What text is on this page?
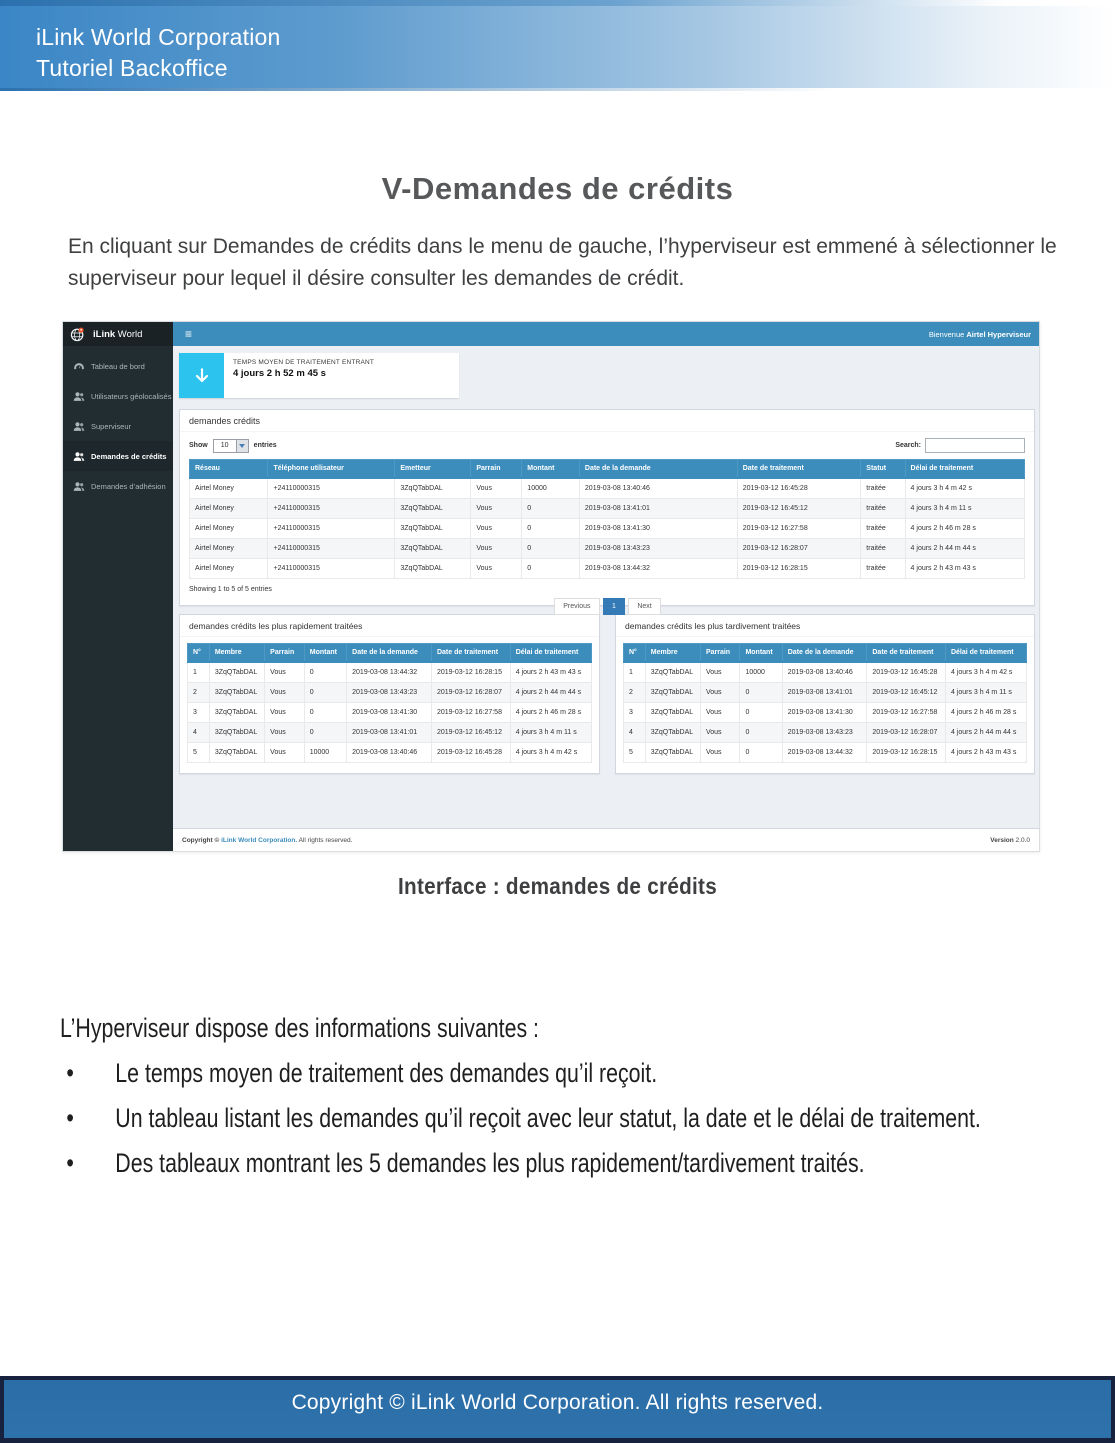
iLink World Corporation
Tutoriel Backoffice
V-Demandes de crédits
En cliquant sur Demandes de crédits dans le menu de gauche, l’hyperviseur est emmené à sélectionner le superviseur pour lequel il désire consulter les demandes de crédit.
iLink World	≡	Bienvenue Airtel Hyperviseur
Tableau de bord
Utilisateurs géolocalisés
Superviseur
Demandes de crédits
Demandes d’adhésion
TEMPS MOYEN DE TRAITEMENT ENTRANT
4 jours 2 h 52 m 45 s
demandes crédits
Show	10	entries	Search:
Réseau	Téléphone utilisateur	Emetteur	Parrain	Montant	Date de la demande	Date de traitement	Statut	Délai de traitement
Airtel Money	+24110000315	3ZqQTabDAL	Vous	10000	2019-03-08 13:40:46	2019-03-12 16:45:28	traitée	4 jours 3 h 4 m 42 s
Airtel Money	+24110000315	3ZqQTabDAL	Vous	0	2019-03-08 13:41:01	2019-03-12 16:45:12	traitée	4 jours 3 h 4 m 11 s
Airtel Money	+24110000315	3ZqQTabDAL	Vous	0	2019-03-08 13:41:30	2019-03-12 16:27:58	traitée	4 jours 2 h 46 m 28 s
Airtel Money	+24110000315	3ZqQTabDAL	Vous	0	2019-03-08 13:43:23	2019-03-12 16:28:07	traitée	4 jours 2 h 44 m 44 s
Airtel Money	+24110000315	3ZqQTabDAL	Vous	0	2019-03-08 13:44:32	2019-03-12 16:28:15	traitée	4 jours 2 h 43 m 43 s
Showing 1 to 5 of 5 entries
Previous	1	Next
demandes crédits les plus rapidement traitées
N°	Membre	Parrain	Montant	Date de la demande	Date de traitement	Délai de traitement
1	3ZqQTabDAL	Vous	0	2019-03-08 13:44:32	2019-03-12 16:28:15	4 jours 2 h 43 m 43 s
2	3ZqQTabDAL	Vous	0	2019-03-08 13:43:23	2019-03-12 16:28:07	4 jours 2 h 44 m 44 s
3	3ZqQTabDAL	Vous	0	2019-03-08 13:41:30	2019-03-12 16:27:58	4 jours 2 h 46 m 28 s
4	3ZqQTabDAL	Vous	0	2019-03-08 13:41:01	2019-03-12 16:45:12	4 jours 3 h 4 m 11 s
5	3ZqQTabDAL	Vous	10000	2019-03-08 13:40:46	2019-03-12 16:45:28	4 jours 3 h 4 m 42 s
demandes crédits les plus tardivement traitées
N°	Membre	Parrain	Montant	Date de la demande	Date de traitement	Délai de traitement
1	3ZqQTabDAL	Vous	10000	2019-03-08 13:40:46	2019-03-12 16:45:28	4 jours 3 h 4 m 42 s
2	3ZqQTabDAL	Vous	0	2019-03-08 13:41:01	2019-03-12 16:45:12	4 jours 3 h 4 m 11 s
3	3ZqQTabDAL	Vous	0	2019-03-08 13:41:30	2019-03-12 16:27:58	4 jours 2 h 46 m 28 s
4	3ZqQTabDAL	Vous	0	2019-03-08 13:43:23	2019-03-12 16:28:07	4 jours 2 h 44 m 44 s
5	3ZqQTabDAL	Vous	0	2019-03-08 13:44:32	2019-03-12 16:28:15	4 jours 2 h 43 m 43 s
Copyright © iLink World Corporation. All rights reserved.	Version 2.0.0
Interface : demandes de crédits
L’Hyperviseur dispose des informations suivantes :
• Le temps moyen de traitement des demandes qu’il reçoit.
• Un tableau listant les demandes qu’il reçoit avec leur statut, la date et le délai de traitement.
• Des tableaux montrant les 5 demandes les plus rapidement/tardivement traités.
Copyright © iLink World Corporation. All rights reserved.
